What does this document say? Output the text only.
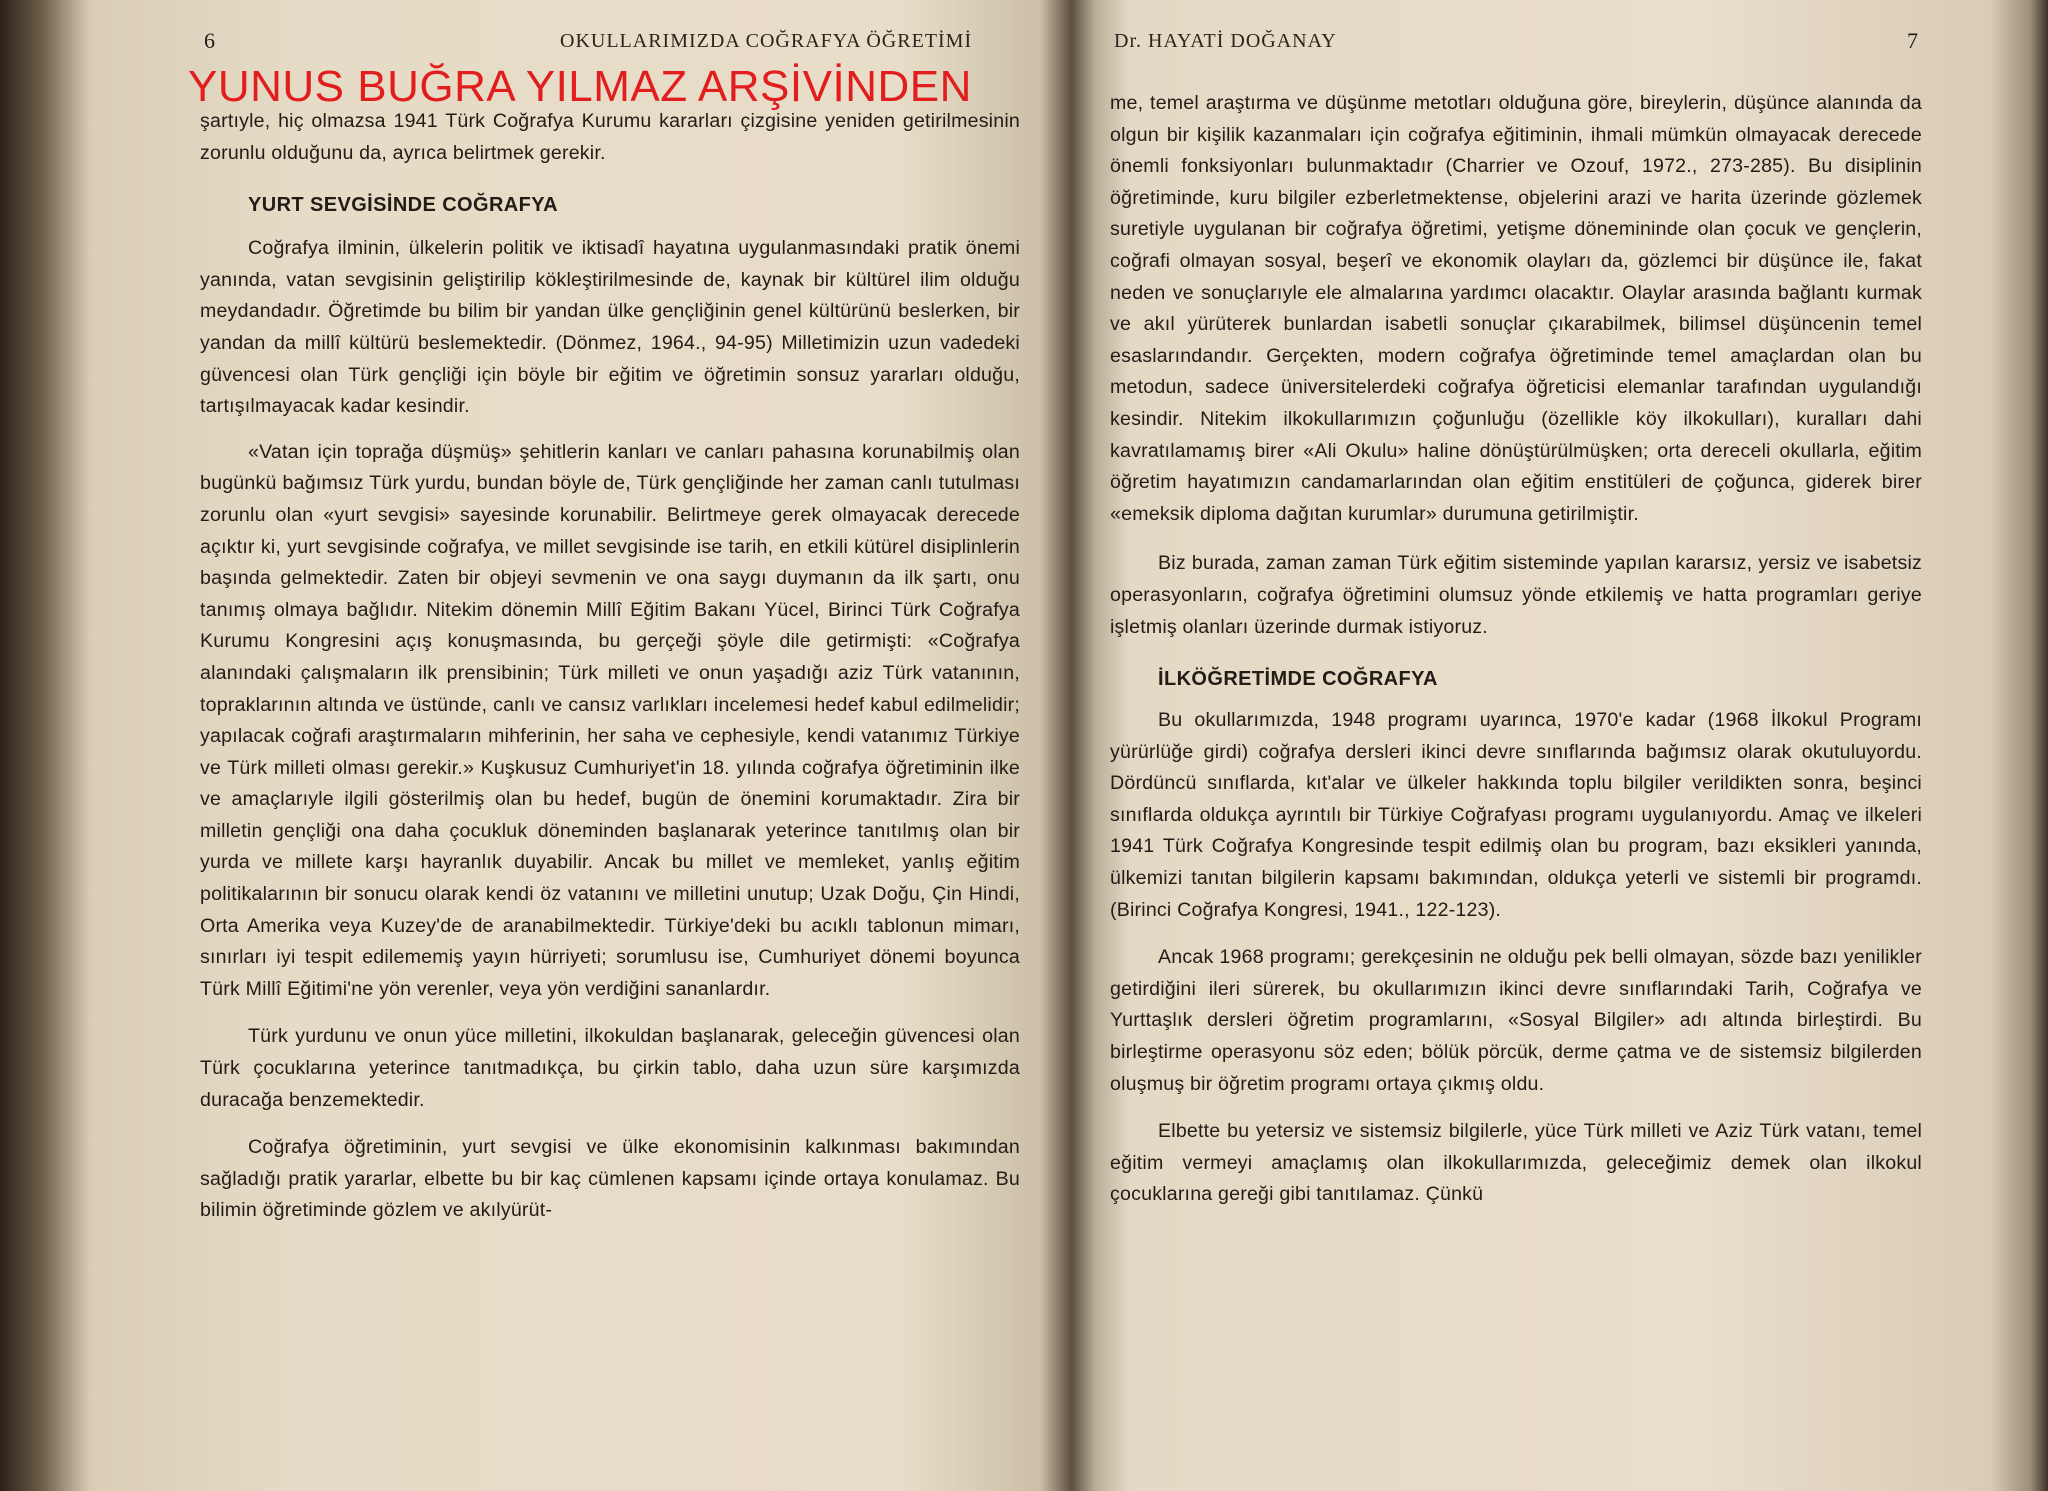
6	OKULLARIMIZDA COĞRAFYA ÖĞRETİMİ

şartıyle, hiç olmazsa 1941 Türk Coğrafya Kurumu kararları çizgisine yeniden getirilmesinin zorunlu olduğunu da, ayrıca belirtmek gerekir.

YURT SEVGİSİNDE COĞRAFYA

Coğrafya ilminin, ülkelerin politik ve iktisadî hayatına uygulanmasındaki pratik önemi yanında, vatan sevgisinin geliştirilip kökleştirilmesinde de, kaynak bir kültürel ilim olduğu meydandadır. Öğretimde bu bilim bir yandan ülke gençliğinin genel kültürünü beslerken, bir yandan da millî kültürü beslemektedir. (Dönmez, 1964., 94-95) Milletimizin uzun vadedeki güvencesi olan Türk gençliği için böyle bir eğitim ve öğretimin sonsuz yararları olduğu, tartışılmayacak kadar kesindir.

«Vatan için toprağa düşmüş» şehitlerin kanları ve canları pahasına korunabilmiş olan bugünkü bağımsız Türk yurdu, bundan böyle de, Türk gençliğinde her zaman canlı tutulması zorunlu olan «yurt sevgisi» sayesinde korunabilir. Belirtmeye gerek olmayacak derecede açıktır ki, yurt sevgisinde coğrafya, ve millet sevgisinde ise tarih, en etkili kütürel disiplinlerin başında gelmektedir. Zaten bir objeyi sevmenin ve ona saygı duymanın da ilk şartı, onu tanımış olmaya bağlıdır. Nitekim dönemin Millî Eğitim Bakanı Yücel, Birinci Türk Coğrafya Kurumu Kongresini açış konuşmasında, bu gerçeği şöyle dile getirmişti: «Coğrafya alanındaki çalışmaların ilk prensibinin; Türk milleti ve onun yaşadığı aziz Türk vatanının, topraklarının altında ve üstünde, canlı ve cansız varlıkları incelemesi hedef kabul edilmelidir; yapılacak coğrafi araştırmaların mihferinin, her saha ve cephesiyle, kendi vatanımız Türkiye ve Türk milleti olması gerekir.» Kuşkusuz Cumhuriyet'in 18. yılında coğrafya öğretiminin ilke ve amaçlarıyle ilgili gösterilmiş olan bu hedef, bugün de önemini korumaktadır. Zira bir milletin gençliği ona daha çocukluk döneminden başlanarak yeterince tanıtılmış olan bir yurda ve millete karşı hayranlık duyabilir. Ancak bu millet ve memleket, yanlış eğitim politikalarının bir sonucu olarak kendi öz vatanını ve milletini unutup; Uzak Doğu, Çin Hindi, Orta Amerika veya Kuzey'de de aranabilmektedir. Türkiye'deki bu acıklı tablonun mimarı, sınırları iyi tespit edilememiş yayın hürriyeti; sorumlusu ise, Cumhuriyet dönemi boyunca Türk Millî Eğitimi'ne yön verenler, veya yön verdiğini sananlardır.

Türk yurdunu ve onun yüce milletini, ilkokuldan başlanarak, geleceğin güvencesi olan Türk çocuklarına yeterince tanıtmadıkça, bu çirkin tablo, daha uzun süre karşımızda duracağa benzemektedir.

Coğrafya öğretiminin, yurt sevgisi ve ülke ekonomisinin kalkınması bakımından sağladığı pratik yararlar, elbette bu bir kaç cümlenen kapsamı içinde ortaya konulamaz. Bu bilimin öğretiminde gözlem ve akılyürüt-

Dr. HAYATİ DOĞANAY	7

me, temel araştırma ve düşünme metotları olduğuna göre, bireylerin, düşünce alanında da olgun bir kişilik kazanmaları için coğrafya eğitiminin, ihmali mümkün olmayacak derecede önemli fonksiyonları bulunmaktadır (Charrier ve Ozouf, 1972., 273-285). Bu disiplinin öğretiminde, kuru bilgiler ezberletmektense, objelerini arazi ve harita üzerinde gözlemek suretiyle uygulanan bir coğrafya öğretimi, yetişme dönemininde olan çocuk ve gençlerin, coğrafi olmayan sosyal, beşerî ve ekonomik olayları da, gözlemci bir düşünce ile, fakat neden ve sonuçlarıyle ele almalarına yardımcı olacaktır. Olaylar arasında bağlantı kurmak ve akıl yürüterek bunlardan isabetli sonuçlar çıkarabilmek, bilimsel düşüncenin temel esaslarındandır. Gerçekten, modern coğrafya öğretiminde temel amaçlardan olan bu metodun, sadece üniversitelerdeki coğrafya öğreticisi elemanlar tarafından uygulandığı kesindir. Nitekim ilkokullarımızın çoğunluğu (özellikle köy ilkokulları), kuralları dahi kavratılamamış birer «Ali Okulu» haline dönüştürülmüşken; orta dereceli okullarla, eğitim öğretim hayatımızın candamarlarından olan eğitim enstitüleri de çoğunca, giderek birer «emeksik diploma dağıtan kurumlar» durumuna getirilmiştir.

Biz burada, zaman zaman Türk eğitim sisteminde yapılan kararsız, yersiz ve isabetsiz operasyonların, coğrafya öğretimini olumsuz yönde etkilemiş ve hatta programları geriye işletmiş olanları üzerinde durmak istiyoruz.

İLKÖĞRETİMDE COĞRAFYA

Bu okullarımızda, 1948 programı uyarınca, 1970'e kadar (1968 İlkokul Programı yürürlüğe girdi) coğrafya dersleri ikinci devre sınıflarında bağımsız olarak okutuluyordu. Dördüncü sınıflarda, kıt'alar ve ülkeler hakkında toplu bilgiler verildikten sonra, beşinci sınıflarda oldukça ayrıntılı bir Türkiye Coğrafyası programı uygulanıyordu. Amaç ve ilkeleri 1941 Türk Coğrafya Kongresinde tespit edilmiş olan bu program, bazı eksikleri yanında, ülkemizi tanıtan bilgilerin kapsamı bakımından, oldukça yeterli ve sistemli bir programdı. (Birinci Coğrafya Kongresi, 1941., 122-123).

Ancak 1968 programı; gerekçesinin ne olduğu pek belli olmayan, sözde bazı yenilikler getirdiğini ileri sürerek, bu okullarımızın ikinci devre sınıflarındaki Tarih, Coğrafya ve Yurttaşlık dersleri öğretim programlarını, «Sosyal Bilgiler» adı altında birleştirdi. Bu birleştirme operasyonu söz eden; bölük pörcük, derme çatma ve de sistemsiz bilgilerden oluşmuş bir öğretim programı ortaya çıkmış oldu.

Elbette bu yetersiz ve sistemsiz bilgilerle, yüce Türk milleti ve Aziz Türk vatanı, temel eğitim vermeyi amaçlamış olan ilkokullarımızda, geleceğimiz demek olan ilkokul çocuklarına gereği gibi tanıtılamaz. Çünkü

YUNUS BUĞRA YILMAZ ARŞİVİNDEN
